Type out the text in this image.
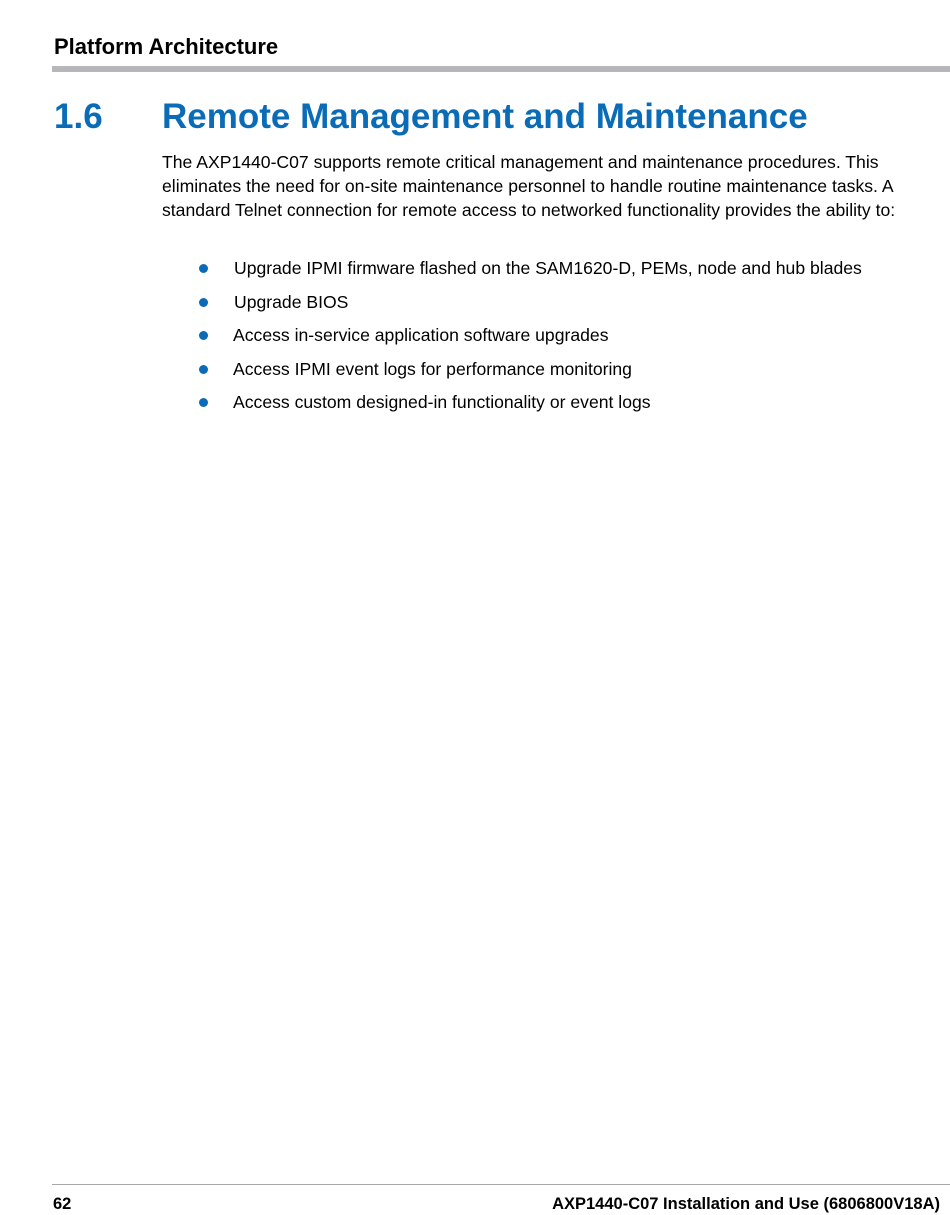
Platform Architecture
1.6 Remote Management and Maintenance

The AXP1440-C07 supports remote critical management and maintenance procedures. This eliminates the need for on-site maintenance personnel to handle routine maintenance tasks. A standard Telnet connection for remote access to networked functionality provides the ability to:

Upgrade IPMI firmware flashed on the SAM1620-D, PEMs, node and hub blades
Upgrade BIOS
Access in-service application software upgrades
Access IPMI event logs for performance monitoring
Access custom designed-in functionality or event logs
62	AXP1440-C07 Installation and Use (6806800V18A)
